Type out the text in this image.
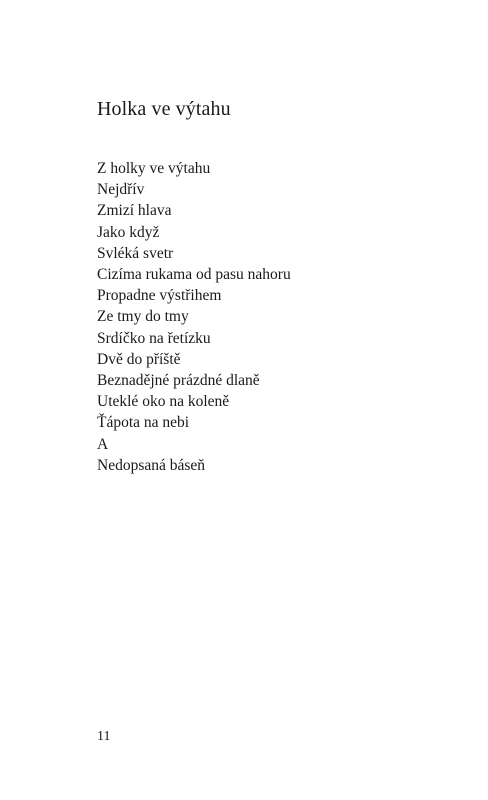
Holka ve výtahu
Z holky ve výtahu
Nejdřív
Zmizí hlava
Jako když
Svléká svetr
Cizíma rukama od pasu nahoru
Propadne výstřihem
Ze tmy do tmy
Srdíčko na řetízku
Dvě do příště
Beznadějné prázdné dlaně
Uteklé oko na koleně
Ťápota na nebi
A
Nedopsaná báseň
11
